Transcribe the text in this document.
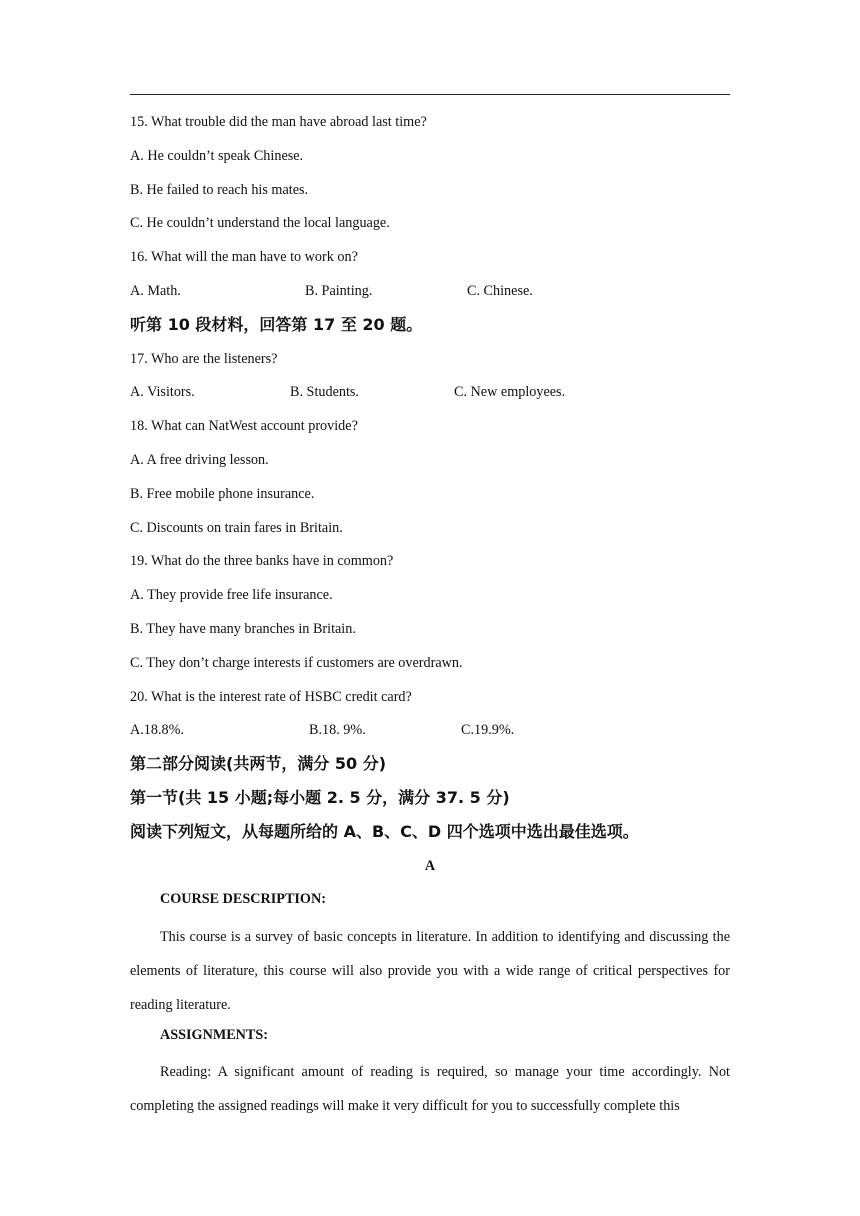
15. What trouble did the man have abroad last time?
A. He couldn’t speak Chinese.
B. He failed to reach his mates.
C. He couldn’t understand the local language.
16. What will the man have to work on?
A. Math.	B. Painting.	C. Chinese.
听第 10 段材料，回答第 17 至 20 题。
17. Who are the listeners?
A. Visitors.	B. Students.	C. New employees.
18. What can NatWest account provide?
A. A free driving lesson.
B. Free mobile phone insurance.
C. Discounts on train fares in Britain.
19. What do the three banks have in common?
A. They provide free life insurance.
B. They have many branches in Britain.
C. They don’t charge interests if customers are overdrawn.
20. What is the interest rate of HSBC credit card?
A.18.8%.	B.18. 9%.	C.19.9%.
第二部分阅读(共两节，满分 50 分)
第一节(共 15 小题;每小题 2. 5 分，满分 37. 5 分)
阅读下列短文，从每题所给的 A、B、C、D 四个选项中选出最佳选项。
A
COURSE DESCRIPTION:
This course is a survey of basic concepts in literature. In addition to identifying and discussing the elements of literature, this course will also provide you with a wide range of critical perspectives for reading literature.
ASSIGNMENTS:
Reading: A significant amount of reading is required, so manage your time accordingly. Not completing the assigned readings will make it very difficult for you to successfully complete this
